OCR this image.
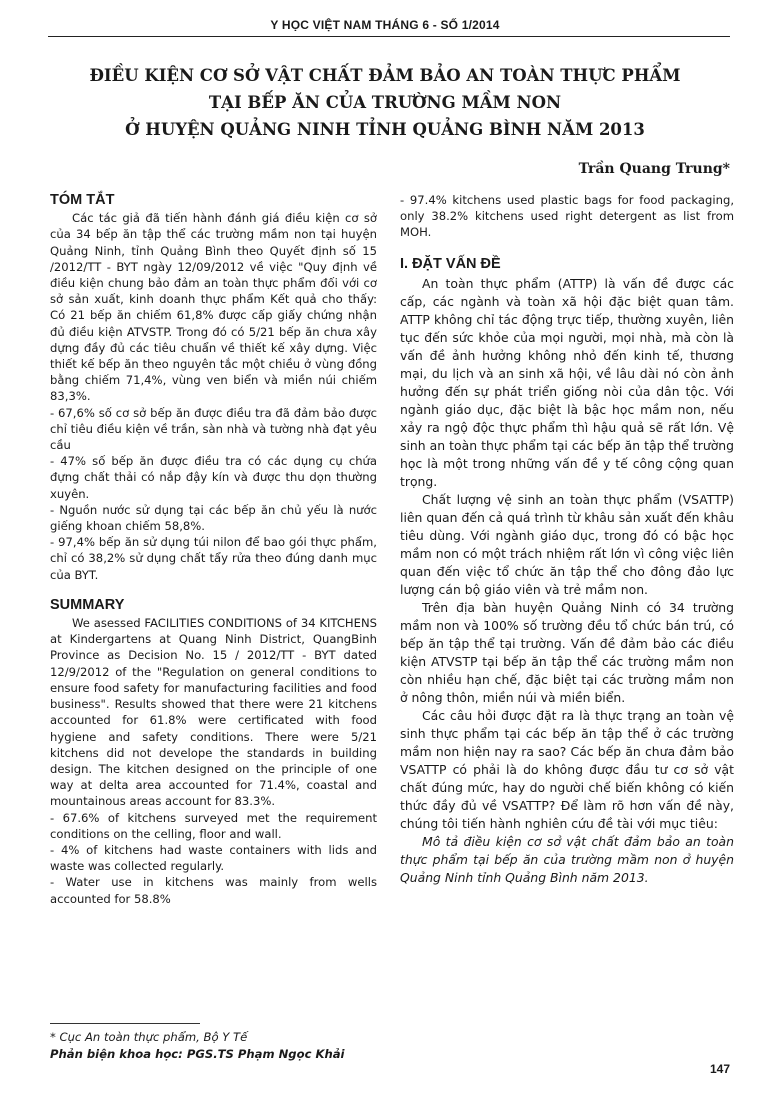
Y HỌC VIỆT NAM THÁNG 6 - SỐ 1/2014
ĐIỀU KIỆN CƠ SỞ VẬT CHẤT ĐẢM BẢO AN TOÀN THỰC PHẨM
TẠI BẾP ĂN CỦA TRƯỜNG MẦM NON
Ở HUYỆN QUẢNG NINH TỈNH QUẢNG BÌNH NĂM 2013
Trần Quang Trung*
TÓM TẮT

Các tác giả đã tiến hành đánh giá điều kiện cơ sở của 34 bếp ăn tập thể các trường mầm non tại huyện Quảng Ninh, tỉnh Quảng Bình theo Quyết định số 15 /2012/TT - BYT ngày 12/09/2012 về việc "Quy định về điều kiện chung bảo đảm an toàn thực phẩm đối với cơ sở sản xuất, kinh doanh thực phẩm Kết quả cho thấy: Có 21 bếp ăn chiếm 61,8% được cấp giấy chứng nhận đủ điều kiện ATVSTP. Trong đó có 5/21 bếp ăn chưa xây dựng đầy đủ các tiêu chuẩn về thiết kế xây dựng. Việc thiết kế bếp ăn theo nguyên tắc một chiều ở vùng đồng bằng chiếm 71,4%, vùng ven biển và miền núi chiếm 83,3%.

- 67,6% số cơ sở bếp ăn được điều tra đã đảm bảo được chỉ tiêu điều kiện về trần, sàn nhà và tường nhà đạt yêu cầu

- 47% số bếp ăn được điều tra có các dụng cụ chứa đựng chất thải có nắp đậy kín và được thu dọn thường xuyên.

- Nguồn nước sử dụng tại các bếp ăn chủ yếu là nước giếng khoan chiếm 58,8%.

- 97,4% bếp ăn sử dụng túi nilon để bao gói thực phẩm, chỉ có 38,2% sử dụng chất tẩy rửa theo đúng danh mục của BYT.

SUMMARY

We asessed FACILITIES CONDITIONS of 34 KITCHENS at Kindergartens at Quang Ninh District, QuangBinh Province as Decision No. 15 / 2012/TT - BYT dated 12/9/2012 of the "Regulation on general conditions to ensure food safety for manufacturing facilities and food business". Results showed that there were 21 kitchens accounted for 61.8% were certificated with food hygiene and safety conditions. There were 5/21 kitchens did not develope the standards in building design. The kitchen designed on the principle of one way at delta area accounted for 71.4%, coastal and mountainous areas account for 83.3%.

- 67.6% of kitchens surveyed met the requirement conditions on the celling, floor and wall.

- 4% of kitchens had waste containers with lids and waste was collected regularly.

- Water use in kitchens was mainly from wells accounted for 58.8%

- 97.4% kitchens used plastic bags for food packaging, only 38.2% kitchens used right detergent as list from MOH.

I. ĐẶT VẤN ĐỀ

An toàn thực phẩm (ATTP) là vấn đề được các cấp, các ngành và toàn xã hội đặc biệt quan tâm. ATTP không chỉ tác động trực tiếp, thường xuyên, liên tục đến sức khỏe của mọi người, mọi nhà, mà còn là vấn đề ảnh hưởng không nhỏ đến kinh tế, thương mại, du lịch và an sinh xã hội, về lâu dài nó còn ảnh hưởng đến sự phát triển giống nòi của dân tộc. Với ngành giáo dục, đặc biệt là bậc học mầm non, nếu xảy ra ngộ độc thực phẩm thì hậu quả sẽ rất lớn. Vệ sinh an toàn thực phẩm tại các bếp ăn tập thể trường học là một trong những vấn đề y tế công cộng quan trọng.

Chất lượng vệ sinh an toàn thực phẩm (VSATTP) liên quan đến cả quá trình từ khâu sản xuất đến khâu tiêu dùng. Với ngành giáo dục, trong đó có bậc học mầm non có một trách nhiệm rất lớn vì công việc liên quan đến việc tổ chức ăn tập thể cho đông đảo lực lượng cán bộ giáo viên và trẻ mầm non.

Trên địa bàn huyện Quảng Ninh có 34 trường mầm non và 100% số trường đều tổ chức bán trú, có bếp ăn tập thể tại trường. Vấn đề đảm bảo các điều kiện ATVSTP tại bếp ăn tập thể các trường mầm non còn nhiều hạn chế, đặc biệt tại các trường mầm non ở nông thôn, miền núi và miền biển.

Các câu hỏi được đặt ra là thực trạng an toàn vệ sinh thực phẩm tại các bếp ăn tập thể ở các trường mầm non hiện nay ra sao? Các bếp ăn chưa đảm bảo VSATTP có phải là do không được đầu tư cơ sở vật chất đúng mức, hay do người chế biến không có kiến thức đầy đủ về VSATTP? Để làm rõ hơn vấn đề này, chúng tôi tiến hành nghiên cứu đề tài với mục tiêu:

Mô tả điều kiện cơ sở vật chất đảm bảo an toàn thực phẩm tại bếp ăn của trường mầm non ở huyện Quảng Ninh tỉnh Quảng Bình năm 2013.

* Cục An toàn thực phẩm, Bộ Y Tế
Phản biện khoa học: PGS.TS Phạm Ngọc Khải
147
